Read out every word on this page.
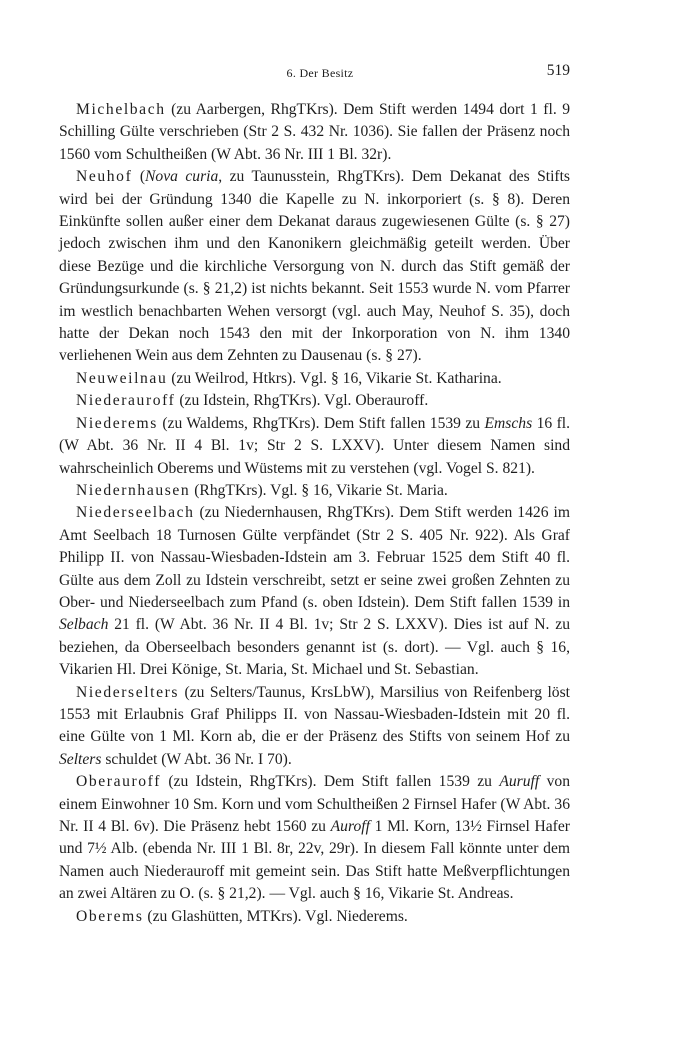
6. Der Besitz	519

Michelbach (zu Aarbergen, RhgTKrs). Dem Stift werden 1494 dort 1 fl. 9 Schilling Gülte verschrieben (Str 2 S. 432 Nr. 1036). Sie fallen der Präsenz noch 1560 vom Schultheißen (W Abt. 36 Nr. III 1 Bl. 32r).

Neuhof (Nova curia, zu Taunusstein, RhgTKrs). Dem Dekanat des Stifts wird bei der Gründung 1340 die Kapelle zu N. inkorporiert (s. § 8). Deren Einkünfte sollen außer einer dem Dekanat daraus zugewiesenen Gülte (s. § 27) jedoch zwischen ihm und den Kanonikern gleichmäßig geteilt werden. Über diese Bezüge und die kirchliche Versorgung von N. durch das Stift gemäß der Gründungsurkunde (s. § 21,2) ist nichts bekannt. Seit 1553 wurde N. vom Pfarrer im westlich benachbarten Wehen versorgt (vgl. auch May, Neuhof S. 35), doch hatte der Dekan noch 1543 den mit der Inkorporation von N. ihm 1340 verliehenen Wein aus dem Zehnten zu Dausenau (s. § 27).

Neuweilnau (zu Weilrod, Htkrs). Vgl. § 16, Vikarie St. Katharina.

Niederauroff (zu Idstein, RhgTKrs). Vgl. Oberauroff.

Niederems (zu Waldems, RhgTKrs). Dem Stift fallen 1539 zu Emschs 16 fl. (W Abt. 36 Nr. II 4 Bl. 1v; Str 2 S. LXXV). Unter diesem Namen sind wahrscheinlich Oberems und Wüstems mit zu verstehen (vgl. Vogel S. 821).

Niedernhausen (RhgTKrs). Vgl. § 16, Vikarie St. Maria.

Niederseelbach (zu Niedernhausen, RhgTKrs). Dem Stift werden 1426 im Amt Seelbach 18 Turnosen Gülte verpfändet (Str 2 S. 405 Nr. 922). Als Graf Philipp II. von Nassau-Wiesbaden-Idstein am 3. Februar 1525 dem Stift 40 fl. Gülte aus dem Zoll zu Idstein verschreibt, setzt er seine zwei großen Zehnten zu Ober- und Niederseelbach zum Pfand (s. oben Idstein). Dem Stift fallen 1539 in Selbach 21 fl. (W Abt. 36 Nr. II 4 Bl. 1v; Str 2 S. LXXV). Dies ist auf N. zu beziehen, da Oberseelbach besonders genannt ist (s. dort). — Vgl. auch § 16, Vikarien Hl. Drei Könige, St. Maria, St. Michael und St. Sebastian.

Niederselters (zu Selters/Taunus, KrsLbW), Marsilius von Reifenberg löst 1553 mit Erlaubnis Graf Philipps II. von Nassau-Wiesbaden-Idstein mit 20 fl. eine Gülte von 1 Ml. Korn ab, die er der Präsenz des Stifts von seinem Hof zu Selters schuldet (W Abt. 36 Nr. I 70).

Oberauroff (zu Idstein, RhgTKrs). Dem Stift fallen 1539 zu Auruff von einem Einwohner 10 Sm. Korn und vom Schultheißen 2 Firnsel Hafer (W Abt. 36 Nr. II 4 Bl. 6v). Die Präsenz hebt 1560 zu Auroff 1 Ml. Korn, 13½ Firnsel Hafer und 7½ Alb. (ebenda Nr. III 1 Bl. 8r, 22v, 29r). In diesem Fall könnte unter dem Namen auch Niederauroff mit gemeint sein. Das Stift hatte Meßverpflichtungen an zwei Altären zu O. (s. § 21,2). — Vgl. auch § 16, Vikarie St. Andreas.

Oberems (zu Glashütten, MTKrs). Vgl. Niederems.
